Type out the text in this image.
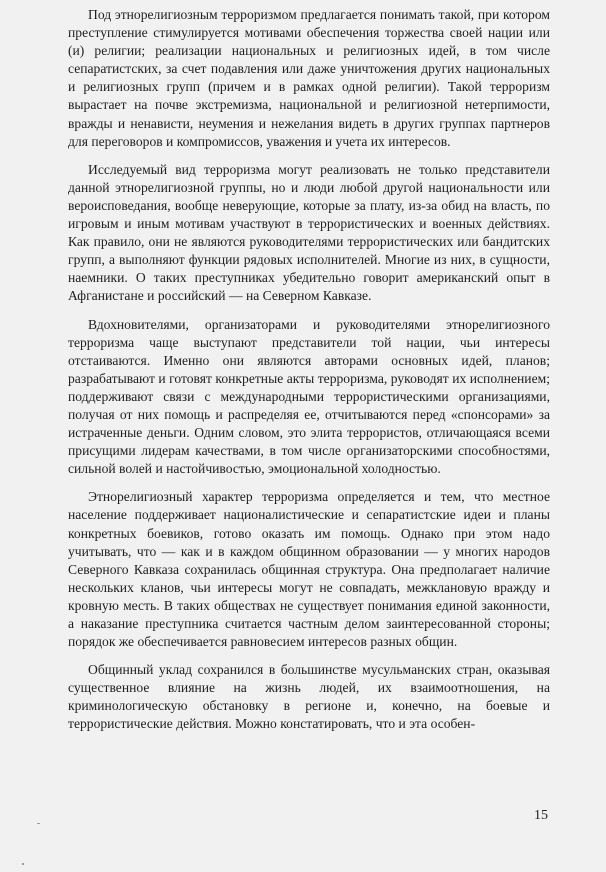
Под этнорелигиозным терроризмом предлагается понимать такой, при котором преступление стимулируется мотивами обеспечения торжества своей нации или (и) религии; реализации национальных и религиозных идей, в том числе сепаратистских, за счет подавления или даже уничтожения других национальных и религиозных групп (причем и в рамках одной религии). Такой терроризм вырастает на почве экстремизма, национальной и религиозной нетерпимости, вражды и ненависти, неумения и нежелания видеть в других группах партнеров для переговоров и компромиссов, уважения и учета их интересов.

Исследуемый вид терроризма могут реализовать не только представители данной этнорелигиозной группы, но и люди любой другой национальности или вероисповедания, вообще неверующие, которые за плату, из-за обид на власть, по игровым и иным мотивам участвуют в террористических и военных действиях. Как правило, они не являются руководителями террористических или бандитских групп, а выполняют функции рядовых исполнителей. Многие из них, в сущности, наемники. О таких преступниках убедительно говорит американский опыт в Афганистане и российский — на Северном Кавказе.

Вдохновителями, организаторами и руководителями этнорелигиозного терроризма чаще выступают представители той нации, чьи интересы отстаиваются. Именно они являются авторами основных идей, планов; разрабатывают и готовят конкретные акты терроризма, руководят их исполнением; поддерживают связи с международными террористическими организациями, получая от них помощь и распределяя ее, отчитываются перед «спонсорами» за истраченные деньги. Одним словом, это элита террористов, отличающаяся всеми присущими лидерам качествами, в том числе организаторскими способностями, сильной волей и настойчивостью, эмоциональной холодностью.

Этнорелигиозный характер терроризма определяется и тем, что местное население поддерживает националистические и сепаратистские идеи и планы конкретных боевиков, готово оказать им помощь. Однако при этом надо учитывать, что — как и в каждом общинном образовании — у многих народов Северного Кавказа сохранилась общинная структура. Она предполагает наличие нескольких кланов, чьи интересы могут не совпадать, межклановую вражду и кровную месть. В таких обществах не существует понимания единой законности, а наказание преступника считается частным делом заинтересованной стороны; порядок же обеспечивается равновесием интересов разных общин.

Общинный уклад сохранился в большинстве мусульманских стран, оказывая существенное влияние на жизнь людей, их взаимоотношения, на криминологическую обстановку в регионе и, конечно, на боевые и террористические действия. Можно констатировать, что и эта особен-

15
